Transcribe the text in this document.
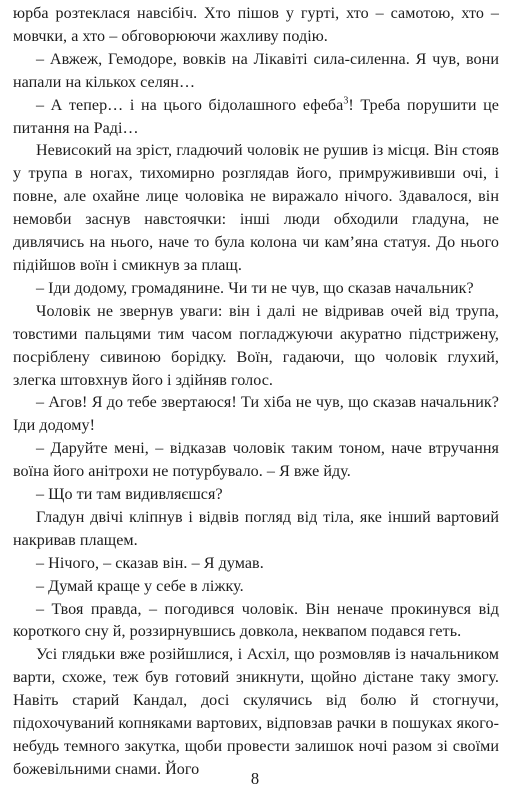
юрба розтеклася навсібіч. Хто пішов у гурті, хто – самотою, хто – мовчки, а хто – обговорюючи жахливу подію.

– Авжеж, Гемодоре, вовків на Лікавіті сила-силенна. Я чув, вони напали на кількох селян…

– А тепер… і на цього бідолашного ефеба$^3$! Треба порушити це питання на Раді…

Невисокий на зріст, гладючий чоловік не рушив із місця. Він стояв у трупа в ногах, тихомирно розглядав його, примружививши очі, і повне, але охайне лице чоловіка не виражало нічого. Здавалося, він немовби заснув навстоячки: інші люди обходили гладуна, не дивлячись на нього, наче то була колона чи кам’яна статуя. До нього підійшов воїн і смикнув за плащ.

– Іди додому, громадянине. Чи ти не чув, що сказав начальник?

Чоловік не звернув уваги: він і далі не відривав очей від трупа, товстими пальцями тим часом погладжуючи акуратно підстрижену, посріблену сивиною борідку. Воїн, гадаючи, що чоловік глухий, злегка штовхнув його і здійняв голос.

– Агов! Я до тебе звертаюся! Ти хіба не чув, що сказав начальник? Іди додому!

– Даруйте мені, – відказав чоловік таким тоном, наче втручання воїна його анітрохи не потурбувало. – Я вже йду.

– Що ти там видивляєшся?

Гладун двічі кліпнув і відвів погляд від тіла, яке інший вартовий накривав плащем.

– Нічого, – сказав він. – Я думав.

– Думай краще у себе в ліжку.

– Твоя правда, – погодився чоловік. Він неначе прокинувся від короткого сну й, роззирнувшись довкола, неквапом подався геть.

Усі глядьки вже розійшлися, і Асхіл, що розмовляв із начальником варти, схоже, теж був готовий зникнути, щойно дістане таку змогу. Навіть старий Кандал, досі скулячись від болю й стогнучи, підохочуваний копняками вартових, відповзав рачки в пошуках якого-небудь темного закутка, щоби провести залишок ночі разом зі своїми божевільними снами. Його	8
